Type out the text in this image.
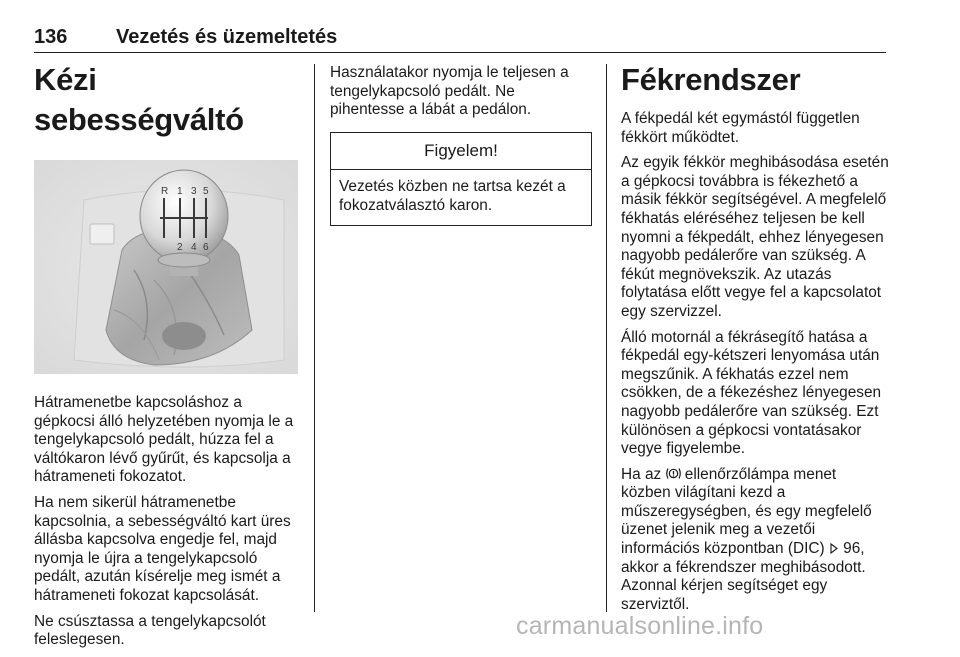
136 Vezetés és üzemeltetés
Kézi sebességváltó
R 1 3 5
2 4 6

Hátramenetbe kapcsoláshoz a gépkocsi álló helyzetében nyomja le a tengelykapcsoló pedált, húzza fel a váltókaron lévő gyűrűt, és kapcsolja a hátrameneti fokozatot.

Ha nem sikerül hátramenetbe kapcsolnia, a sebességváltó kart üres állásba kapcsolva engedje fel, majd nyomja le újra a tengelykapcsoló pedált, azután kísérelje meg ismét a hátrameneti fokozat kapcsolását.

Ne csúsztassa a tengelykapcsolót feleslegesen.

Használatakor nyomja le teljesen a tengelykapcsoló pedált. Ne pihentesse a lábát a pedálon.

Figyelem!
Vezetés közben ne tartsa kezét a fokozatválasztó karon.
Fékrendszer

A fékpedál két egymástól független fékkört működtet.

Az egyik fékkör meghibásodása esetén a gépkocsi továbbra is fékezhető a másik fékkör segítségével. A megfelelő fékhatás eléréséhez teljesen be kell nyomni a fékpedált, ehhez lényegesen nagyobb pedálerőre van szükség. A fékút megnövekszik. Az utazás folytatása előtt vegye fel a kapcsolatot egy szervizzel.

Álló motornál a fékrásegítő hatása a fékpedál egy-kétszeri lenyomása után megszűnik. A fékhatás ezzel nem csökken, de a fékezéshez lényegesen nagyobb pedálerőre van szükség. Ezt különösen a gépkocsi vontatásakor vegye figyelembe.

Ha az ellenőrzőlámpa menet közben világítani kezd a műszeregységben, és egy megfelelő üzenet jelenik meg a vezetői információs központban (DIC) 96, akkor a fékrendszer meghibásodott. Azonnal kérjen segítséget egy szerviztől.

carmanualsonline.info
